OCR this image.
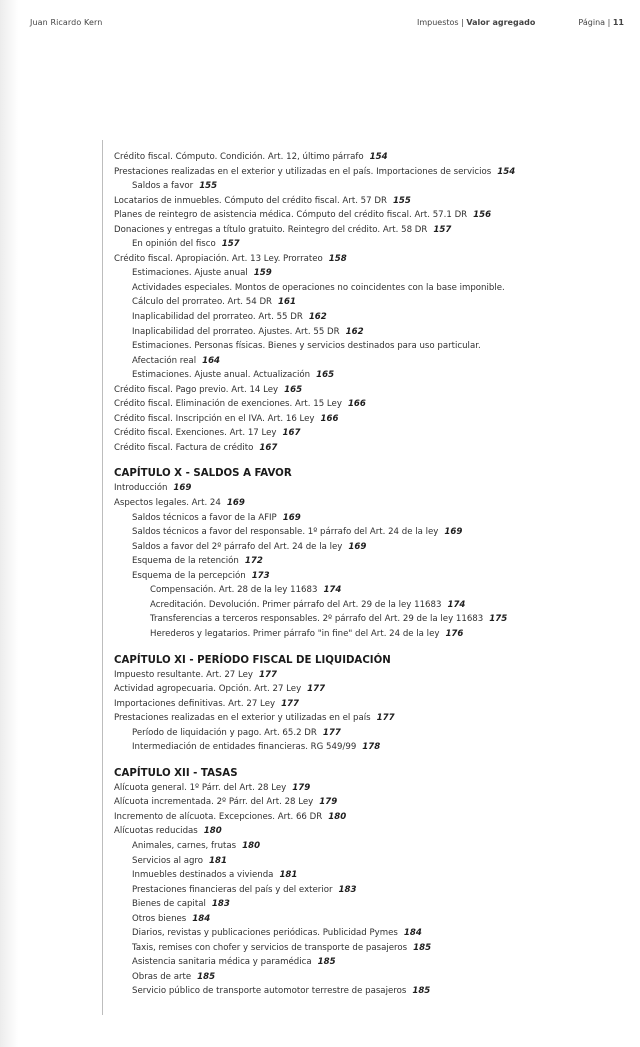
Juan Ricardo Kern	Impuestos | Valor agregado	Página | 11
Crédito fiscal. Cómputo. Condición. Art. 12, último párrafo 154
Prestaciones realizadas en el exterior y utilizadas en el país. Importaciones de servicios 154
Saldos a favor 155
Locatarios de inmuebles. Cómputo del crédito fiscal. Art. 57 DR 155
Planes de reintegro de asistencia médica. Cómputo del crédito fiscal. Art. 57.1 DR 156
Donaciones y entregas a título gratuito. Reintegro del crédito. Art. 58 DR 157
En opinión del fisco 157
Crédito fiscal. Apropiación. Art. 13 Ley. Prorrateo 158
Estimaciones. Ajuste anual 159
Actividades especiales. Montos de operaciones no coincidentes con la base imponible. Cálculo del prorrateo. Art. 54 DR 161
Inaplicabilidad del prorrateo. Art. 55 DR 162
Inaplicabilidad del prorrateo. Ajustes. Art. 55 DR 162
Estimaciones. Personas físicas. Bienes y servicios destinados para uso particular. Afectación real 164
Estimaciones. Ajuste anual. Actualización 165
Crédito fiscal. Pago previo. Art. 14 Ley 165
Crédito fiscal. Eliminación de exenciones. Art. 15 Ley 166
Crédito fiscal. Inscripción en el IVA. Art. 16 Ley 166
Crédito fiscal. Exenciones. Art. 17 Ley 167
Crédito fiscal. Factura de crédito 167
CAPÍTULO X - SALDOS A FAVOR
Introducción 169
Aspectos legales. Art. 24 169
Saldos técnicos a favor de la AFIP 169
Saldos técnicos a favor del responsable. 1º párrafo del Art. 24 de la ley 169
Saldos a favor del 2º párrafo del Art. 24 de la ley 169
Esquema de la retención 172
Esquema de la percepción 173
Compensación. Art. 28 de la ley 11683 174
Acreditación. Devolución. Primer párrafo del Art. 29 de la ley 11683 174
Transferencias a terceros responsables. 2º párrafo del Art. 29 de la ley 11683 175
Herederos y legatarios. Primer párrafo "in fine" del Art. 24 de la ley 176
CAPÍTULO XI - PERÍODO FISCAL DE LIQUIDACIÓN
Impuesto resultante. Art. 27 Ley 177
Actividad agropecuaria. Opción. Art. 27 Ley 177
Importaciones definitivas. Art. 27 Ley 177
Prestaciones realizadas en el exterior y utilizadas en el país 177
Período de liquidación y pago. Art. 65.2 DR 177
Intermediación de entidades financieras. RG 549/99 178
CAPÍTULO XII - TASAS
Alícuota general. 1º Párr. del Art. 28 Ley 179
Alícuota incrementada. 2º Párr. del Art. 28 Ley 179
Incremento de alícuota. Excepciones. Art. 66 DR 180
Alícuotas reducidas 180
Animales, carnes, frutas 180
Servicios al agro 181
Inmuebles destinados a vivienda 181
Prestaciones financieras del país y del exterior 183
Bienes de capital 183
Otros bienes 184
Diarios, revistas y publicaciones periódicas. Publicidad Pymes 184
Taxis, remises con chofer y servicios de transporte de pasajeros 185
Asistencia sanitaria médica y paramédica 185
Obras de arte 185
Servicio público de transporte automotor terrestre de pasajeros 185
